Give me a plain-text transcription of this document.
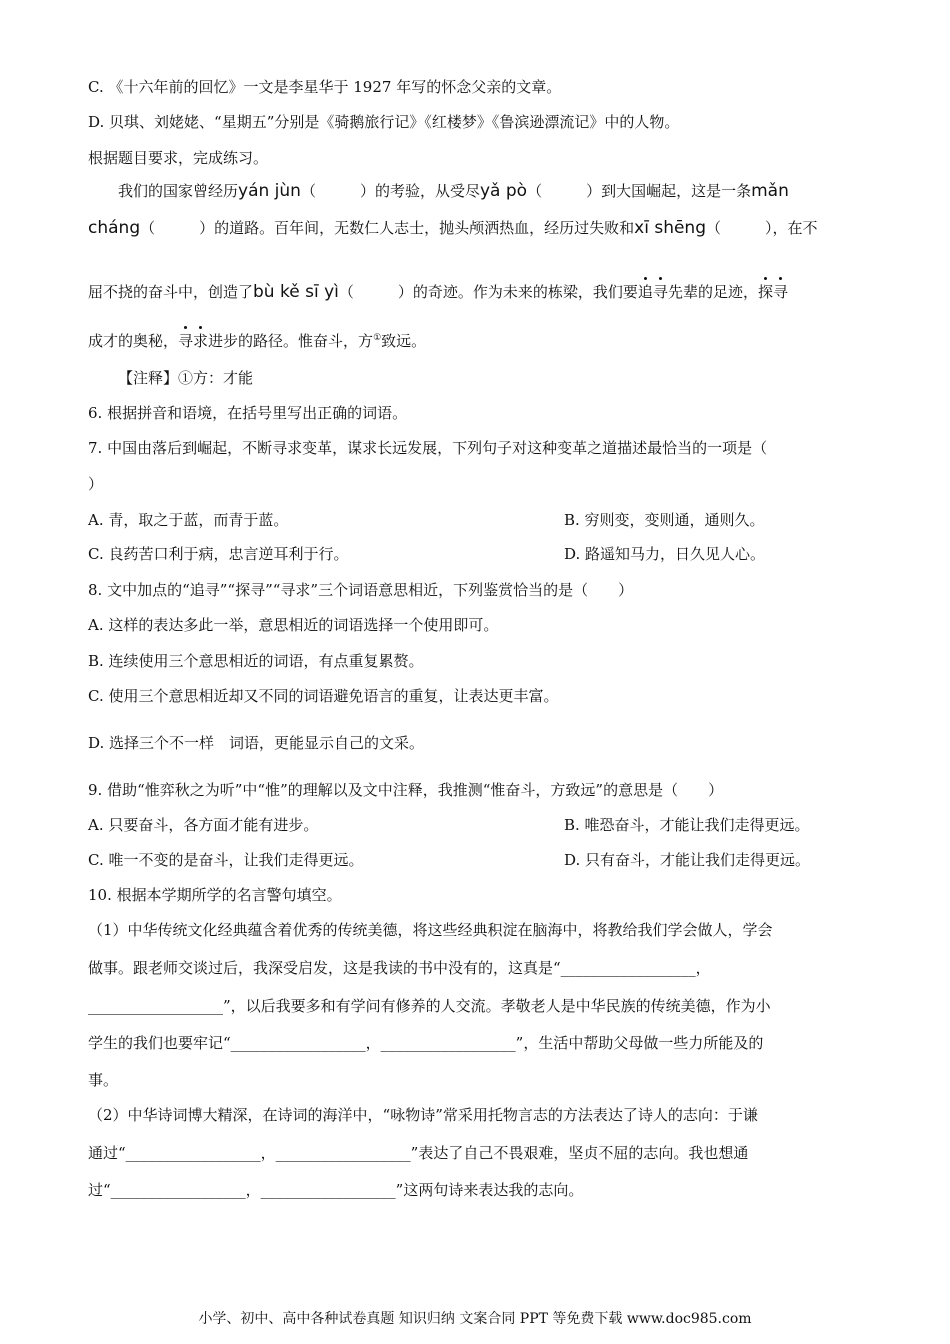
C. 《十六年前的回忆》一文是李星华于 1927 年写的怀念父亲的文章。
D. 贝琪、刘姥姥、“星期五”分别是《骑鹅旅行记》《红楼梦》《鲁滨逊漂流记》中的人物。
根据题目要求，完成练习。
我们的国家曾经历yán jùn（	）的考验，从受尽yǎ pò（	）到大国崛起，这是一条mǎn
cháng（	）的道路。百年间，无数仁人志士，抛头颅洒热血，经历过失败和xī shēng（	），在不
屈不挠的奋斗中，创造了bù kě sī yì（	）的奇迹。作为未来的栋梁，我们要追寻先辈的足迹，探寻
成才的奥秘，寻求进步的路径。惟奋斗，方①致远。
【注释】①方：才能
6. 根据拼音和语境，在括号里写出正确的词语。
7. 中国由落后到崛起，不断寻求变革，谋求长远发展，下列句子对这种变革之道描述最恰当的一项是（
）
A. 青，取之于蓝，而青于蓝。	B. 穷则变，变则通，通则久。
C. 良药苦口利于病，忠言逆耳利于行。	D. 路遥知马力，日久见人心。
8. 文中加点的“追寻”“探寻”“寻求”三个词语意思相近，下列鉴赏恰当的是（　　）
A. 这样的表达多此一举，意思相近的词语选择一个使用即可。
B. 连续使用三个意思相近的词语，有点重复累赘。
C. 使用三个意思相近却又不同的词语避免语言的重复，让表达更丰富。
D. 选择三个不一样　词语，更能显示自己的文采。
9. 借助“惟弈秋之为听”中“惟”的理解以及文中注释，我推测“惟奋斗，方致远”的意思是（　　）
A. 只要奋斗，各方面才能有进步。	B. 唯恐奋斗，才能让我们走得更远。
C. 唯一不变的是奋斗，让我们走得更远。	D. 只有奋斗，才能让我们走得更远。
10. 根据本学期所学的名言警句填空。
（1）中华传统文化经典蕴含着优秀的传统美德，将这些经典积淀在脑海中，将教给我们学会做人，学会
做事。跟老师交谈过后，我深受启发，这是我读的书中没有的，这真是“__________________，
__________________”，以后我要多和有学问有修养的人交流。孝敬老人是中华民族的传统美德，作为小
学生的我们也要牢记“__________________，__________________”，生活中帮助父母做一些力所能及的
事。
（2）中华诗词博大精深，在诗词的海洋中，“咏物诗”常采用托物言志的方法表达了诗人的志向：于谦
通过“__________________，__________________”表达了自己不畏艰难，坚贞不屈的志向。我也想通
过“__________________，__________________”这两句诗来表达我的志向。
小学、初中、高中各种试卷真题 知识归纳 文案合同 PPT 等免费下载 www.doc985.com
